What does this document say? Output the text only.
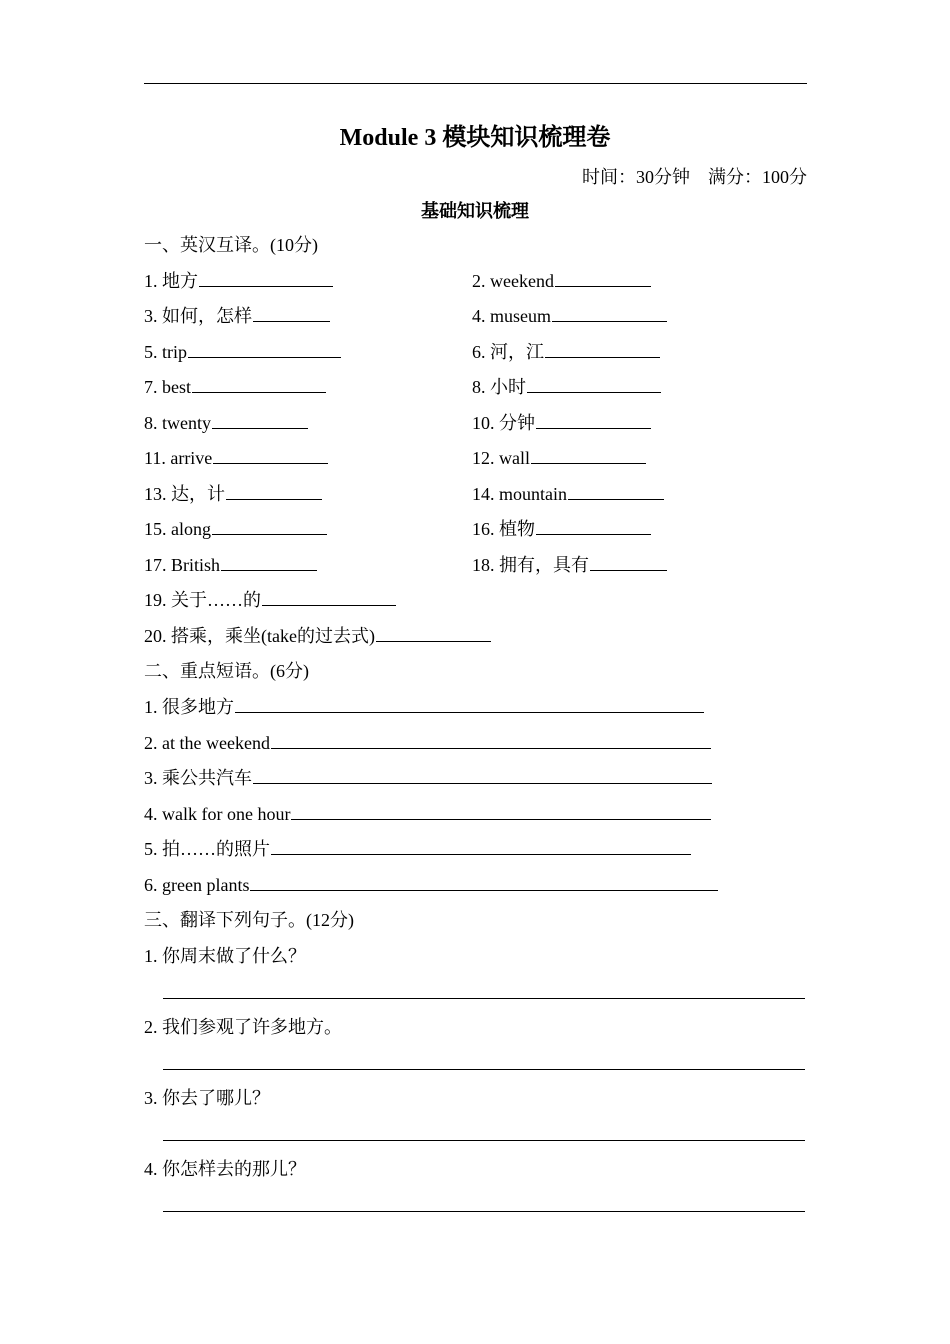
Module 3 模块知识梳理卷
时间：30分钟 满分：100分
基础知识梳理
一、英汉互译。(10分)
1. 地方	2. weekend
3. 如何，怎样	4. museum
5. trip	6. 河，江
7. best	8. 小时
8. twenty	10. 分钟
11. arrive	12. wall
13. 达，计	14. mountain
15. along	16. 植物
17. British	18. 拥有，具有
19. 关于……的
20. 搭乘，乘坐(take的过去式)
二、重点短语。(6分)
1. 很多地方
2. at the weekend
3. 乘公共汽车
4. walk for one hour
5. 拍……的照片
6. green plants
三、翻译下列句子。(12分)
1. 你周末做了什么？
2. 我们参观了许多地方。
3. 你去了哪儿？
4. 你怎样去的那儿？
